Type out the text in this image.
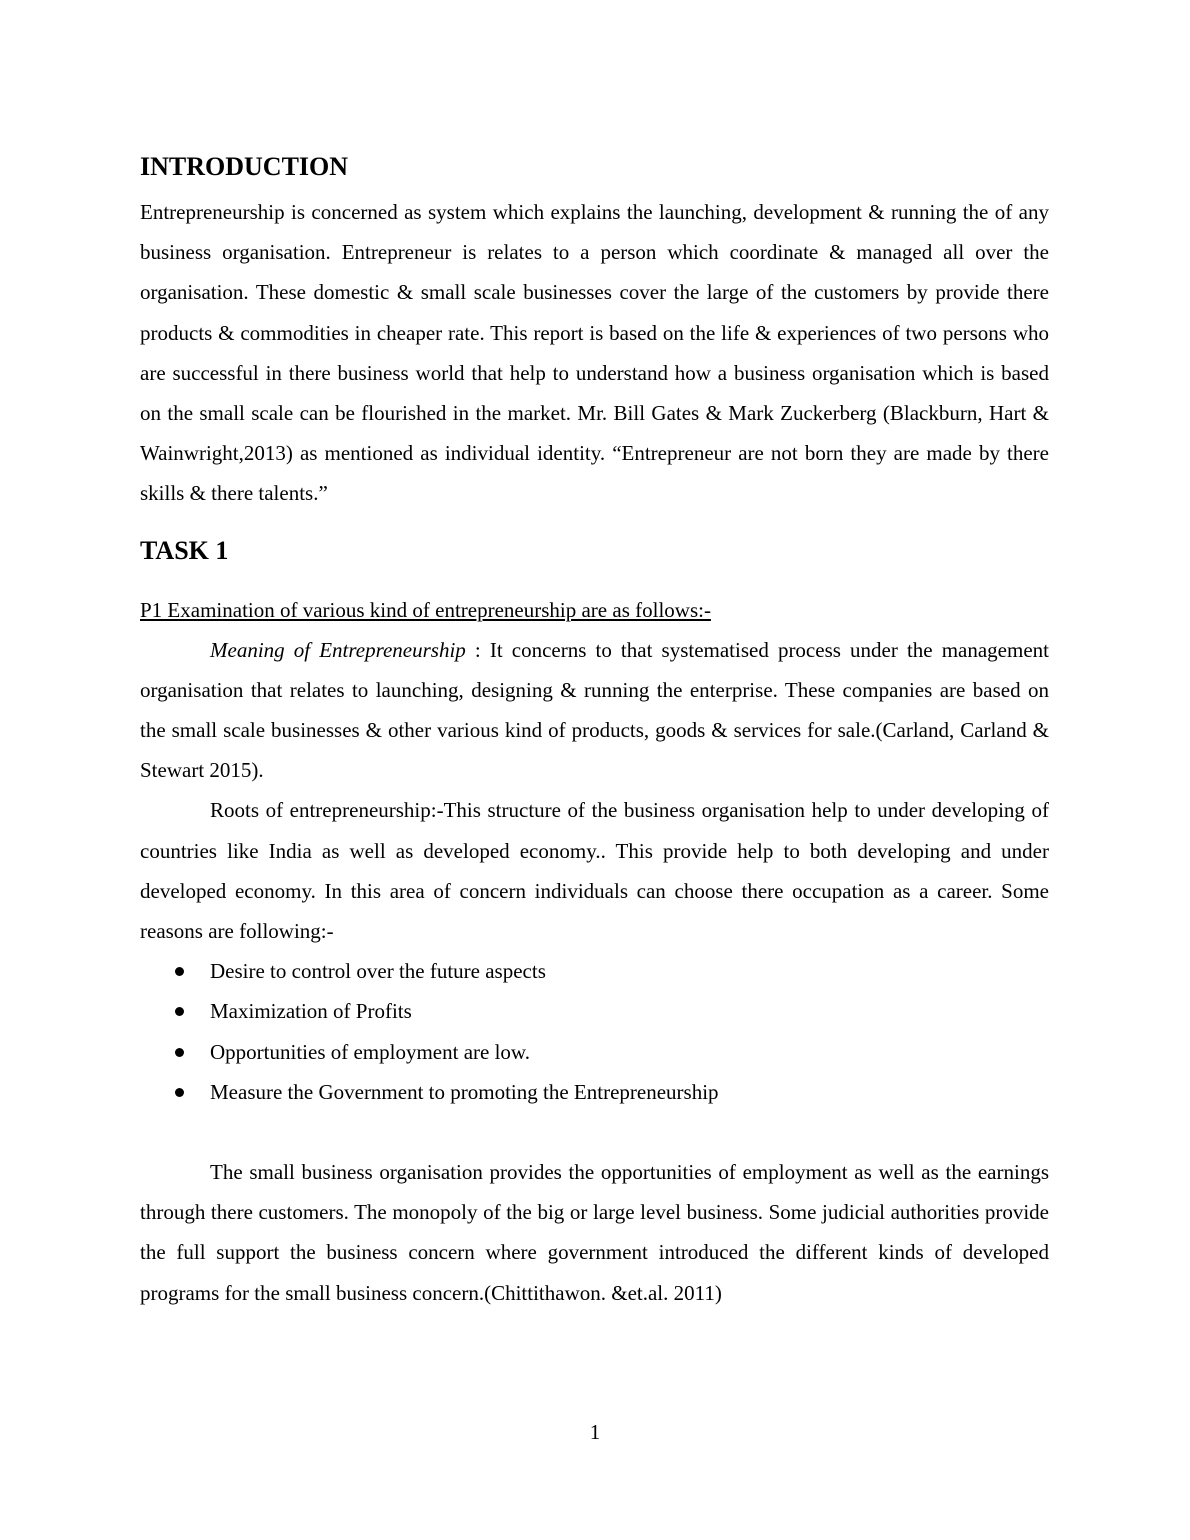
INTRODUCTION

Entrepreneurship is concerned as system which explains the launching, development & running the of any business organisation. Entrepreneur is relates to a person which coordinate & managed all over the organisation. These domestic & small scale businesses cover the large of the customers by provide there products & commodities in cheaper rate. This report is based on the life & experiences of two persons who are successful in there business world that help to understand how a business organisation which is based on the small scale can be flourished in the market. Mr. Bill Gates & Mark Zuckerberg (Blackburn, Hart & Wainwright,2013) as mentioned as individual identity. “Entrepreneur are not born they are made by there skills & there talents.”

TASK 1

P1 Examination of various kind of entrepreneurship are as follows:-

Meaning of Entrepreneurship : It concerns to that systematised process under the management organisation that relates to launching, designing & running the enterprise. These companies are based on the small scale businesses & other various kind of products, goods & services for sale.(Carland, Carland & Stewart 2015).

Roots of entrepreneurship:-This structure of the business organisation help to under developing of countries like India as well as developed economy.. This provide help to both developing and under developed economy. In this area of concern individuals can choose there occupation as a career. Some reasons are following:-

Desire to control over the future aspects
Maximization of Profits
Opportunities of employment are low.
Measure the Government to promoting the Entrepreneurship

The small business organisation provides the opportunities of employment as well as the earnings through there customers. The monopoly of the big or large level business. Some judicial authorities provide the full support the business concern where government introduced the different kinds of developed programs for the small business concern.(Chittithawon. &et.al. 2011)

1
